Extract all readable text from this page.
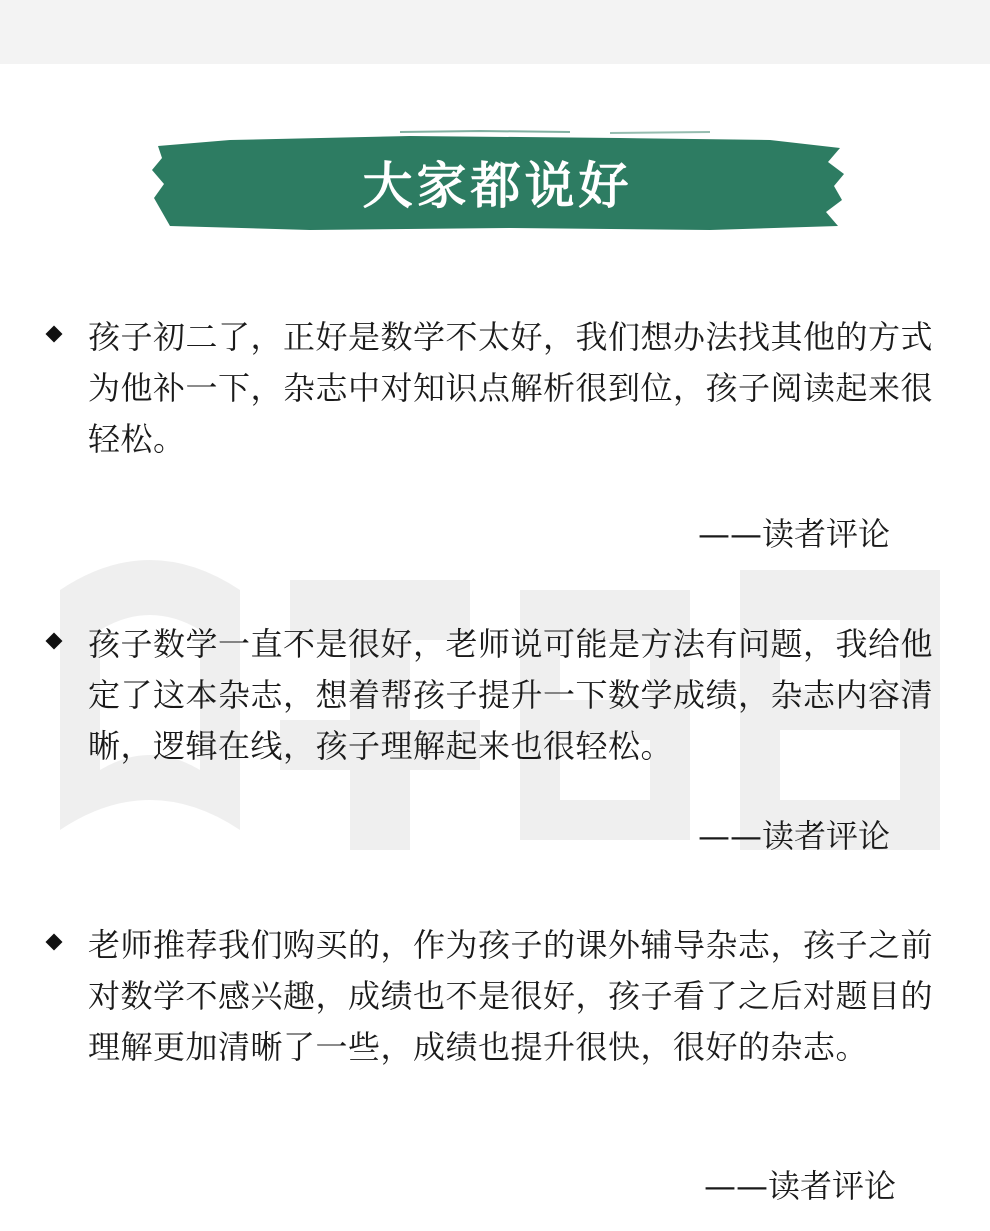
大家都说好
孩子初二了，正好是数学不太好，我们想办法找其他的方式为他补一下，杂志中对知识点解析很到位，孩子阅读起来很轻松。
——读者评论
孩子数学一直不是很好，老师说可能是方法有问题，我给他定了这本杂志，想着帮孩子提升一下数学成绩，杂志内容清晰，逻辑在线，孩子理解起来也很轻松。
——读者评论
老师推荐我们购买的，作为孩子的课外辅导杂志，孩子之前对数学不感兴趣，成绩也不是很好，孩子看了之后对题目的理解更加清晰了一些，成绩也提升很快，很好的杂志。
——读者评论
